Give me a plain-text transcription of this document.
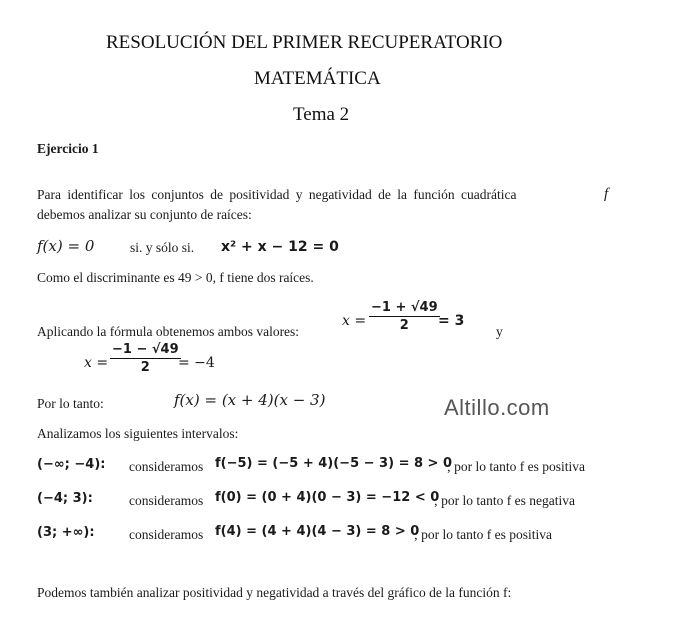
RESOLUCIÓN DEL PRIMER RECUPERATORIO
MATEMÁTICA
Tema 2
Ejercicio 1
Para identificar los conjuntos de positividad y negatividad de la función cuadrática	f
debemos analizar su conjunto de raíces:
f(x) = 0	si. y sólo si. x² + x − 12 = 0
Como el discriminante es 49 > 0, f tiene dos raíces.
Aplicando la fórmula obtenemos ambos valores:
x =
−1 + √49
2	= 3
y
x =
−1 − √49
2	= −4
Por lo tanto:	f(x) = (x + 4)(x − 3)	Altillo.com
Analizamos los siguientes intervalos:
(−∞; −4): consideramos f(−5) = (−5 + 4)(−5 − 3) = 8 > 0
; por lo tanto f es positiva
(−4; 3):	consideramos f(0) = (0 + 4)(0 − 3) = −12 < 0
; por lo tanto f es negativa
(3; +∞):	consideramos f(4) = (4 + 4)(4 − 3) = 8 > 0
; por lo tanto f es positiva
Podemos también analizar positividad y negatividad a través del gráfico de la función f:
